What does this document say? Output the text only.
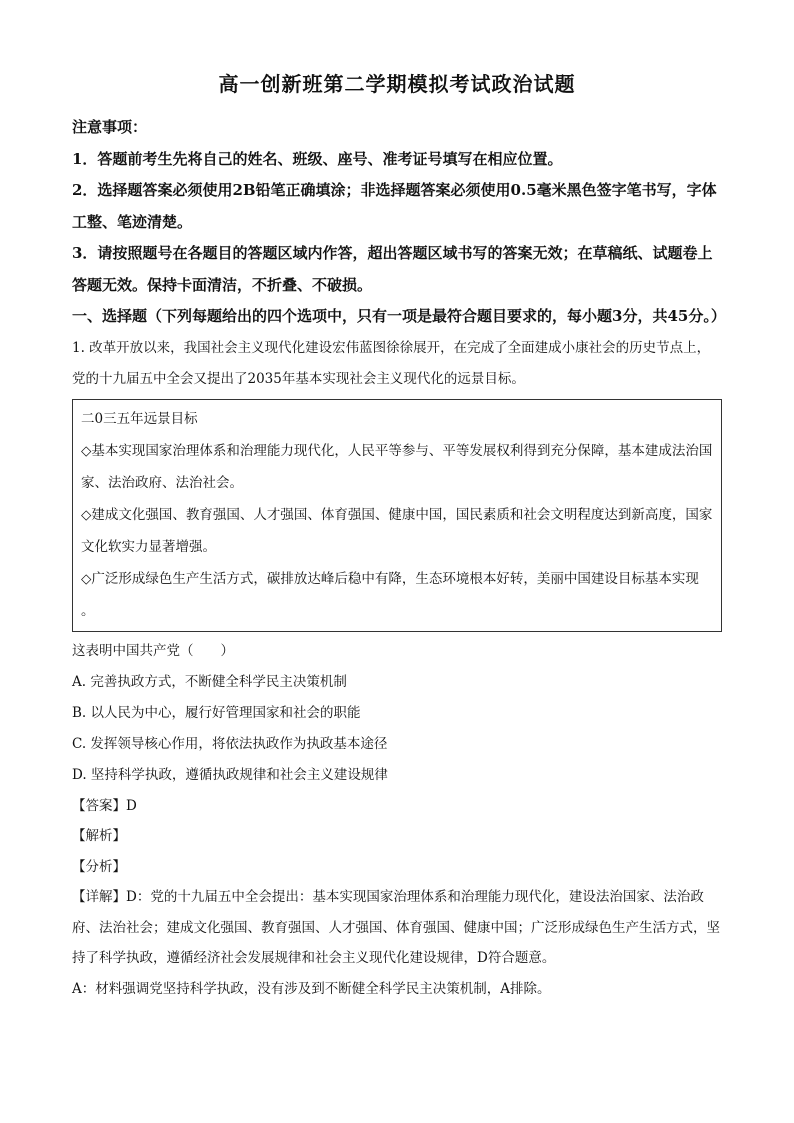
高一创新班第二学期模拟考试政治试题

注意事项：

1．答题前考生先将自己的姓名、班级、座号、准考证号填写在相应位置。

2．选择题答案必须使用2B铅笔正确填涂；非选择题答案必须使用0.5毫米黑色签字笔书写，字体工整、笔迹清楚。

3．请按照题号在各题目的答题区域内作答，超出答题区域书写的答案无效；在草稿纸、试题卷上答题无效。保持卡面清洁，不折叠、不破损。

一、选择题（下列每题给出的四个选项中，只有一项是最符合题目要求的，每小题3分，共45分。）

1. 改革开放以来，我国社会主义现代化建设宏伟蓝图徐徐展开，在完成了全面建成小康社会的历史节点上，党的十九届五中全会又提出了2035年基本实现社会主义现代化的远景目标。

二0三五年远景目标

◇基本实现国家治理体系和治理能力现代化，人民平等参与、平等发展权利得到充分保障，基本建成法治国家、法治政府、法治社会。

◇建成文化强国、教育强国、人才强国、体育强国、健康中国，国民素质和社会文明程度达到新高度，国家文化软实力显著增强。

◇广泛形成绿色生产生活方式，碳排放达峰后稳中有降，生态环境根本好转，美丽中国建设目标基本实现 。

这表明中国共产党（　　）

A. 完善执政方式，不断健全科学民主决策机制

B. 以人民为中心，履行好管理国家和社会的职能

C. 发挥领导核心作用，将依法执政作为执政基本途径

D. 坚持科学执政，遵循执政规律和社会主义建设规律

【答案】D

【解析】

【分析】

【详解】D：党的十九届五中全会提出：基本实现国家治理体系和治理能力现代化，建设法治国家、法治政府、法治社会；建成文化强国、教育强国、人才强国、体育强国、健康中国；广泛形成绿色生产生活方式，坚持了科学执政，遵循经济社会发展规律和社会主义现代化建设规律，D符合题意。

A：材料强调党坚持科学执政，没有涉及到不断健全科学民主决策机制，A排除。
